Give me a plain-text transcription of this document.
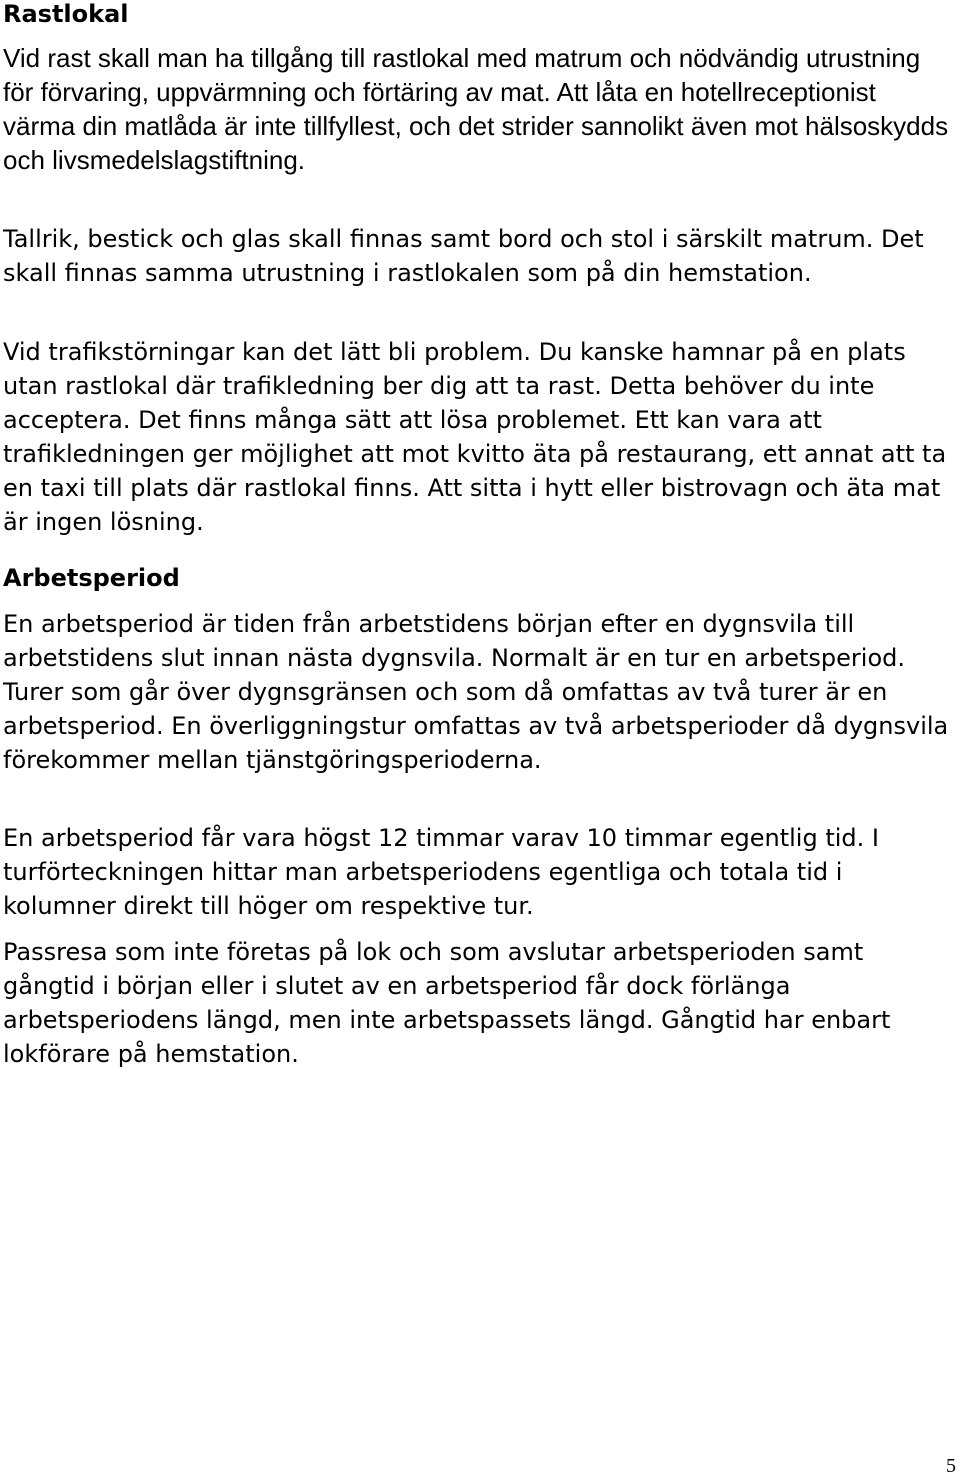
Rastlokal

Vid rast skall man ha tillgång till rastlokal med matrum och nödvändig utrustning för förvaring, uppvärmning och förtäring av mat. Att låta en hotellreceptionist värma din matlåda är inte tillfyllest, och det strider sannolikt även mot hälsoskydds och livsmedelslagstiftning.

Tallrik, bestick och glas skall finnas samt bord och stol i särskilt matrum. Det skall finnas samma utrustning i rastlokalen som på din hemstation.

Vid trafikstörningar kan det lätt bli problem. Du kanske hamnar på en plats utan rastlokal där trafikledning ber dig att ta rast. Detta behöver du inte acceptera. Det finns många sätt att lösa problemet. Ett kan vara att trafikledningen ger möjlighet att mot kvitto äta på restaurang, ett annat att ta en taxi till plats där rastlokal finns. Att sitta i hytt eller bistrovagn och äta mat är ingen lösning.

Arbetsperiod

En arbetsperiod är tiden från arbetstidens början efter en dygnsvila till arbetstidens slut innan nästa dygnsvila. Normalt är en tur en arbetsperiod. Turer som går över dygnsgränsen och som då omfattas av två turer är en arbetsperiod. En överliggningstur omfattas av två arbetsperioder då dygnsvila förekommer mellan tjänstgöringsperioderna.

En arbetsperiod får vara högst 12 timmar varav 10 timmar egentlig tid. I turförteckningen hittar man arbetsperiodens egentliga och totala tid i kolumner direkt till höger om respektive tur.

Passresa som inte företas på lok och som avslutar arbetsperioden samt gångtid i början eller i slutet av en arbetsperiod får dock förlänga arbetsperiodens längd, men inte arbetspassets längd. Gångtid har enbart lokförare på hemstation.

5
